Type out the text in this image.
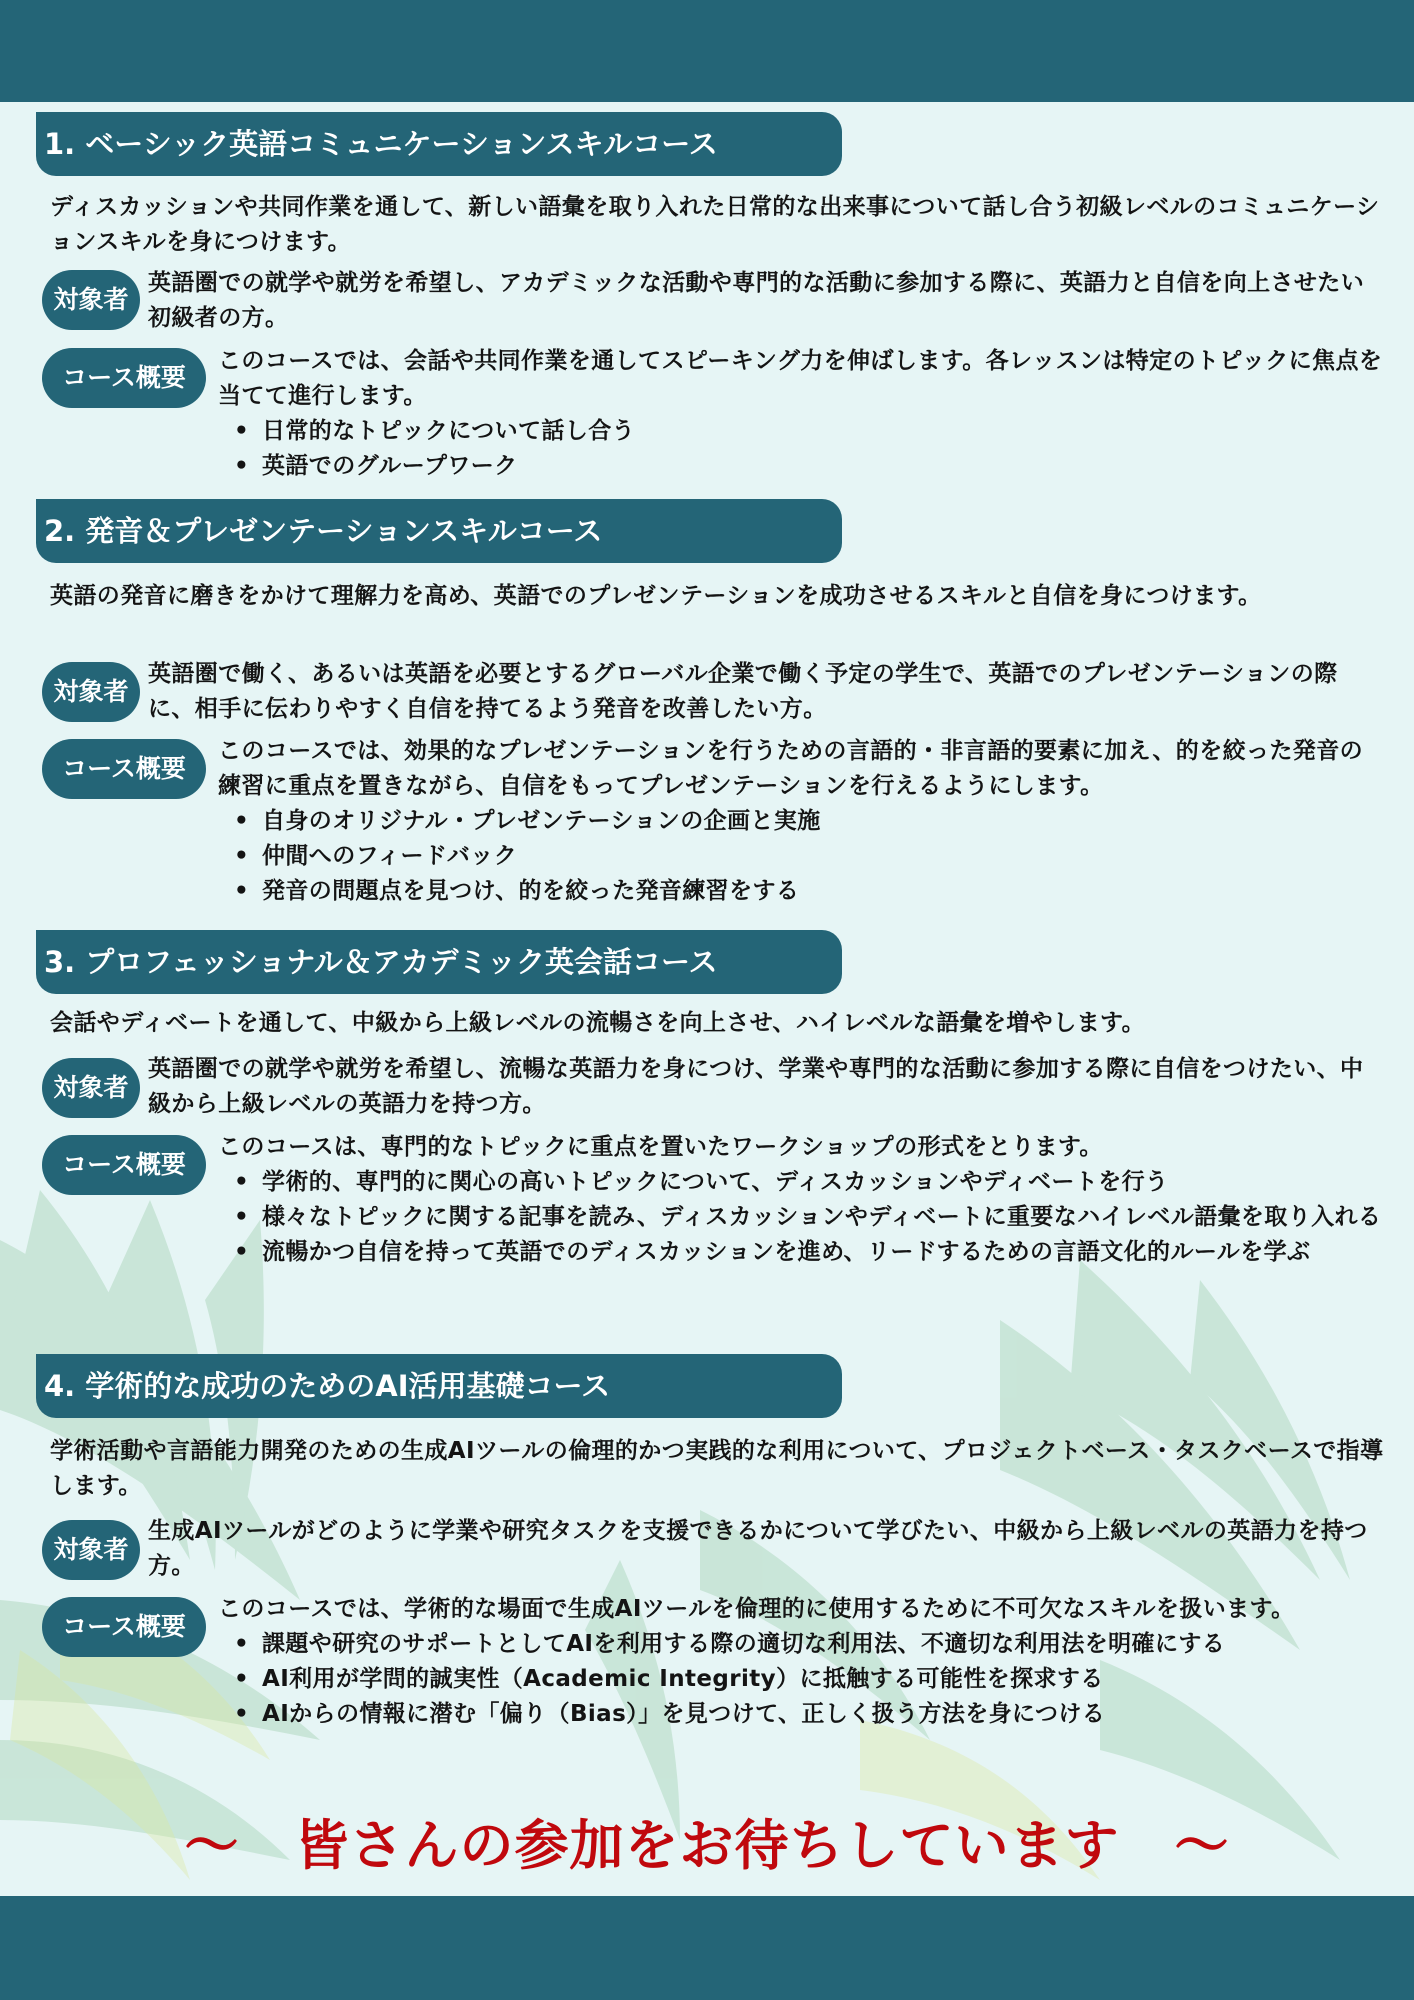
1. ベーシック英語コミュニケーションスキルコース
ディスカッションや共同作業を通して、新しい語彙を取り入れた日常的な出来事について話し合う初級レベルのコミュニケーションスキルを身につけます。
対象者
英語圏での就学や就労を希望し、アカデミックな活動や専門的な活動に参加する際に、英語力と自信を向上させたい初級者の方。
コース概要
このコースでは、会話や共同作業を通してスピーキング力を伸ばします。各レッスンは特定のトピックに焦点を当てて進行します。
• 日常的なトピックについて話し合う
• 英語でのグループワーク
2. 発音＆プレゼンテーションスキルコース
英語の発音に磨きをかけて理解力を高め、英語でのプレゼンテーションを成功させるスキルと自信を身につけます。
対象者
英語圏で働く、あるいは英語を必要とするグローバル企業で働く予定の学生で、英語でのプレゼンテーションの際に、相手に伝わりやすく自信を持てるよう発音を改善したい方。
コース概要
このコースでは、効果的なプレゼンテーションを行うための言語的・非言語的要素に加え、的を絞った発音の練習に重点を置きながら、自信をもってプレゼンテーションを行えるようにします。
• 自身のオリジナル・プレゼンテーションの企画と実施
• 仲間へのフィードバック
• 発音の問題点を見つけ、的を絞った発音練習をする
3. プロフェッショナル＆アカデミック英会話コース
会話やディベートを通して、中級から上級レベルの流暢さを向上させ、ハイレベルな語彙を増やします。
対象者
英語圏での就学や就労を希望し、流暢な英語力を身につけ、学業や専門的な活動に参加する際に自信をつけたい、中級から上級レベルの英語力を持つ方。
コース概要
このコースは、専門的なトピックに重点を置いたワークショップの形式をとります。
• 学術的、専門的に関心の高いトピックについて、ディスカッションやディベートを行う
• 様々なトピックに関する記事を読み、ディスカッションやディベートに重要なハイレベル語彙を取り入れる
• 流暢かつ自信を持って英語でのディスカッションを進め、リードするための言語文化的ルールを学ぶ
4. 学術的な成功のためのAI活用基礎コース
学術活動や言語能力開発のための生成AIツールの倫理的かつ実践的な利用について、プロジェクトベース・タスクベースで指導します。
対象者
生成AIツールがどのように学業や研究タスクを支援できるかについて学びたい、中級から上級レベルの英語力を持つ方。
コース概要
このコースでは、学術的な場面で生成AIツールを倫理的に使用するために不可欠なスキルを扱います。
• 課題や研究のサポートとしてAIを利用する際の適切な利用法、不適切な利用法を明確にする
• AI利用が学問的誠実性（Academic Integrity）に抵触する可能性を探求する
• AIからの情報に潜む「偏り（Bias）」を見つけて、正しく扱う方法を身につける
～　皆さんの参加をお待ちしています　～
